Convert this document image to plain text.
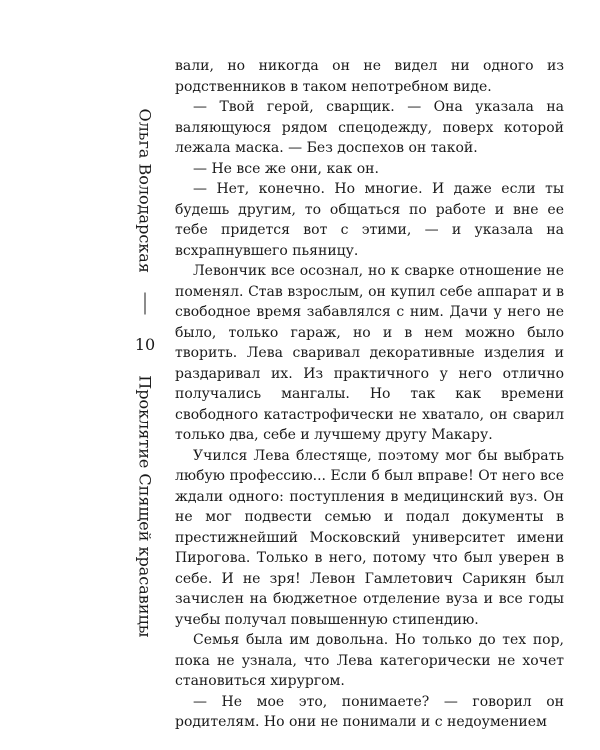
Ольга Володарская
10
Проклятие Спящей красавицы

вали, но никогда он не видел ни одного из родственников в таком непотребном виде.

— Твой герой, сварщик. — Она указала на валяющуюся рядом спецодежду, поверх которой лежала маска. — Без доспехов он такой.

— Не все же они, как он.

— Нет, конечно. Но многие. И даже если ты будешь другим, то общаться по работе и вне ее тебе придется вот с этими, — и указала на всхрапнувшего пьяницу.

Левончик все осознал, но к сварке отношение не поменял. Став взрослым, он купил себе аппарат и в свободное время забавлялся с ним. Дачи у него не было, только гараж, но и в нем можно было творить. Лева сваривал декоративные изделия и раздаривал их. Из практичного у него отлично получались мангалы. Но так как времени свободного катастрофически не хватало, он сварил только два, себе и лучшему другу Макару.

Учился Лева блестяще, поэтому мог бы выбрать любую профессию... Если б был вправе! От него все ждали одного: поступления в медицинский вуз. Он не мог подвести семью и подал документы в престижнейший Московский университет имени Пирогова. Только в него, потому что был уверен в себе. И не зря! Левон Гамлетович Сарикян был зачислен на бюджетное отделение вуза и все годы учебы получал повышенную стипендию.

Семья была им довольна. Но только до тех пор, пока не узнала, что Лева категорически не хочет становиться хирургом.

— Не мое это, понимаете? — говорил он родителям. Но они не понимали и с недоумением
